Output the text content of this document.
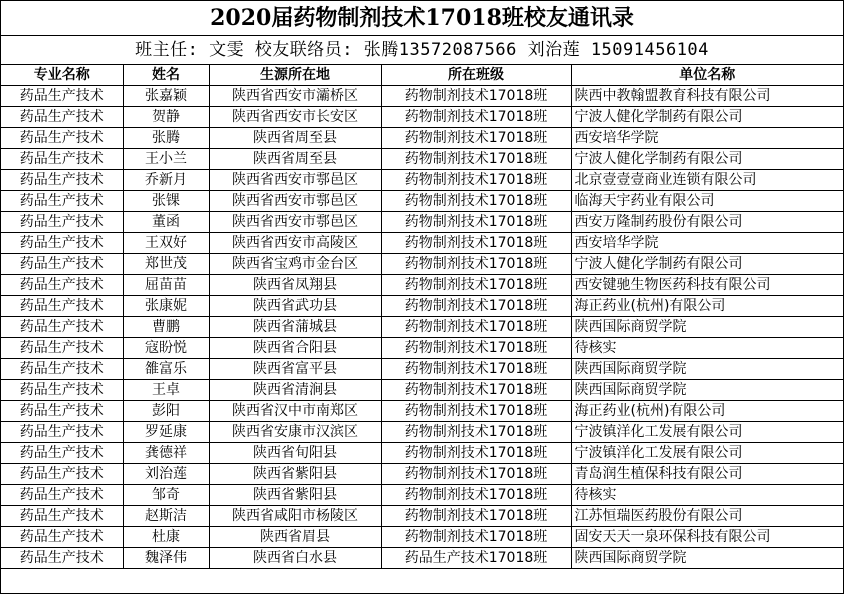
2020届药物制剂技术17018班校友通讯录
班主任: 文雯 校友联络员: 张腾13572087566 刘治莲 15091456104
专业名称	姓名	生源所在地	所在班级	单位名称
药品生产技术	张嘉颖	陕西省西安市灞桥区	药物制剂技术17018班	陕西中教翰盟教育科技有限公司
药品生产技术	贺静	陕西省西安市长安区	药物制剂技术17018班	宁波人健化学制药有限公司
药品生产技术	张腾	陕西省周至县	药物制剂技术17018班	西安培华学院
药品生产技术	王小兰	陕西省周至县	药物制剂技术17018班	宁波人健化学制药有限公司
药品生产技术	乔新月	陕西省西安市鄠邑区	药物制剂技术17018班	北京壹壹壹商业连锁有限公司
药品生产技术	张锞	陕西省西安市鄠邑区	药物制剂技术17018班	临海天宇药业有限公司
药品生产技术	董函	陕西省西安市鄠邑区	药物制剂技术17018班	西安万隆制药股份有限公司
药品生产技术	王双好	陕西省西安市高陵区	药物制剂技术17018班	西安培华学院
药品生产技术	郑世茂	陕西省宝鸡市金台区	药物制剂技术17018班	宁波人健化学制药有限公司
药品生产技术	屈苗苗	陕西省凤翔县	药物制剂技术17018班	西安键驰生物医药科技有限公司
药品生产技术	张康妮	陕西省武功县	药物制剂技术17018班	海正药业(杭州)有限公司
药品生产技术	曹鹏	陕西省蒲城县	药物制剂技术17018班	陕西国际商贸学院
药品生产技术	寇盼悦	陕西省合阳县	药物制剂技术17018班	待核实
药品生产技术	雒富乐	陕西省富平县	药物制剂技术17018班	陕西国际商贸学院
药品生产技术	王卓	陕西省清涧县	药物制剂技术17018班	陕西国际商贸学院
药品生产技术	彭阳	陕西省汉中市南郑区	药物制剂技术17018班	海正药业(杭州)有限公司
药品生产技术	罗延康	陕西省安康市汉滨区	药物制剂技术17018班	宁波镇洋化工发展有限公司
药品生产技术	龚德祥	陕西省旬阳县	药物制剂技术17018班	宁波镇洋化工发展有限公司
药品生产技术	刘治莲	陕西省紫阳县	药物制剂技术17018班	青岛润生植保科技有限公司
药品生产技术	邹奇	陕西省紫阳县	药物制剂技术17018班	待核实
药品生产技术	赵斯洁	陕西省咸阳市杨陵区	药物制剂技术17018班	江苏恒瑞医药股份有限公司
药品生产技术	杜康	陕西省眉县	药物制剂技术17018班	固安天天一泉环保科技有限公司
药品生产技术	魏泽伟	陕西省白水县	药品生产技术17018班	陕西国际商贸学院
